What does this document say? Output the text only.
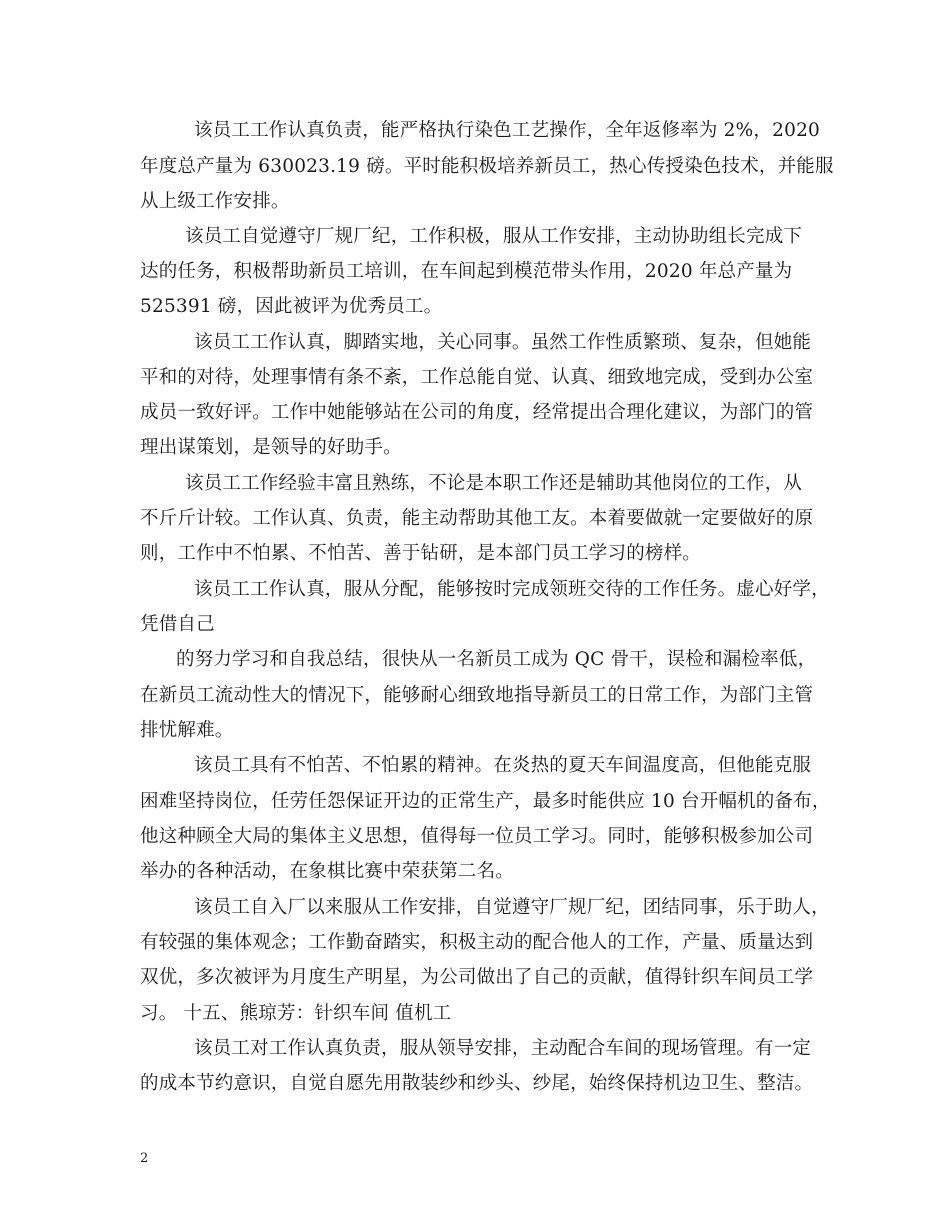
该员工工作认真负责，能严格执行染色工艺操作，全年返修率为 2%，2020
年度总产量为 630023.19 磅。平时能积极培养新员工，热心传授染色技术，并能服
从上级工作安排。
该员工自觉遵守厂规厂纪，工作积极，服从工作安排，主动协助组长完成下
达的任务，积极帮助新员工培训，在车间起到模范带头作用，2020 年总产量为
525391 磅，因此被评为优秀员工。
该员工工作认真，脚踏实地，关心同事。虽然工作性质繁琐、复杂，但她能
平和的对待，处理事情有条不紊，工作总能自觉、认真、细致地完成，受到办公室
成员一致好评。工作中她能够站在公司的角度，经常提出合理化建议，为部门的管
理出谋策划，是领导的好助手。
该员工工作经验丰富且熟练，不论是本职工作还是辅助其他岗位的工作，从
不斤斤计较。工作认真、负责，能主动帮助其他工友。本着要做就一定要做好的原
则，工作中不怕累、不怕苦、善于钻研，是本部门员工学习的榜样。
该员工工作认真，服从分配，能够按时完成领班交待的工作任务。虚心好学，
凭借自己
的努力学习和自我总结，很快从一名新员工成为 QC 骨干，误检和漏检率低，
在新员工流动性大的情况下，能够耐心细致地指导新员工的日常工作，为部门主管
排忧解难。
该员工具有不怕苦、不怕累的精神。在炎热的夏天车间温度高，但他能克服
困难坚持岗位，任劳任怨保证开边的正常生产，最多时能供应 10 台开幅机的备布，
他这种顾全大局的集体主义思想，值得每一位员工学习。同时，能够积极参加公司
举办的各种活动，在象棋比赛中荣获第二名。
该员工自入厂以来服从工作安排，自觉遵守厂规厂纪，团结同事，乐于助人，
有较强的集体观念；工作勤奋踏实，积极主动的配合他人的工作，产量、质量达到
双优，多次被评为月度生产明星，为公司做出了自己的贡献，值得针织车间员工学
习。 十五、熊琼芳：针织车间 值机工
该员工对工作认真负责，服从领导安排，主动配合车间的现场管理。有一定
的成本节约意识，自觉自愿先用散装纱和纱头、纱尾，始终保持机边卫生、整洁。
2
